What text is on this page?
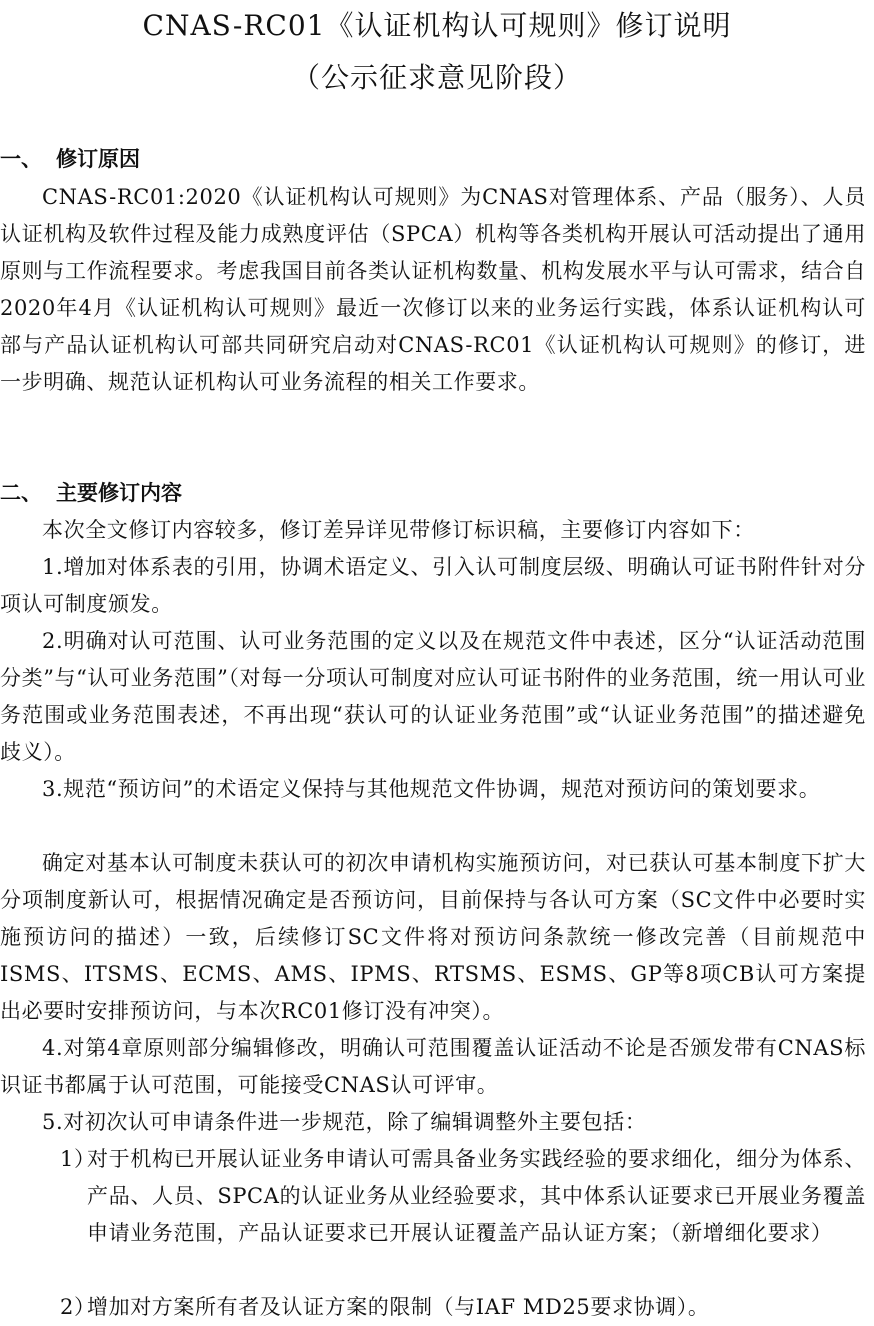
CNAS-RC01《认证机构认可规则》修订说明
（公示征求意见阶段）
一、 修订原因
CNAS-RC01:2020《认证机构认可规则》为CNAS对管理体系、产品（服务）、人员认证机构及软件过程及能力成熟度评估（SPCA）机构等各类机构开展认可活动提出了通用原则与工作流程要求。考虑我国目前各类认证机构数量、机构发展水平与认可需求，结合自2020年4月《认证机构认可规则》最近一次修订以来的业务运行实践，体系认证机构认可部与产品认证机构认可部共同研究启动对CNAS-RC01《认证机构认可规则》的修订，进一步明确、规范认证机构认可业务流程的相关工作要求。
二、 主要修订内容
本次全文修订内容较多，修订差异详见带修订标识稿，主要修订内容如下：
1.增加对体系表的引用，协调术语定义、引入认可制度层级、明确认可证书附件针对分项认可制度颁发。
2.明确对认可范围、认可业务范围的定义以及在规范文件中表述，区分“认证活动范围分类”与“认可业务范围”（对每一分项认可制度对应认可证书附件的业务范围，统一用认可业务范围或业务范围表述，不再出现“获认可的认证业务范围”或“认证业务范围”的描述避免歧义）。
3.规范“预访问”的术语定义保持与其他规范文件协调，规范对预访问的策划要求。
确定对基本认可制度未获认可的初次申请机构实施预访问，对已获认可基本制度下扩大分项制度新认可，根据情况确定是否预访问，目前保持与各认可方案（SC文件中必要时实施预访问的描述）一致，后续修订SC文件将对预访问条款统一修改完善（目前规范中ISMS、ITSMS、ECMS、AMS、IPMS、RTSMS、ESMS、GP等8项CB认可方案提出必要时安排预访问，与本次RC01修订没有冲突）。
4.对第4章原则部分编辑修改，明确认可范围覆盖认证活动不论是否颁发带有CNAS标识证书都属于认可范围，可能接受CNAS认可评审。
5.对初次认可申请条件进一步规范，除了编辑调整外主要包括：
1）对于机构已开展认证业务申请认可需具备业务实践经验的要求细化，细分为体系、产品、人员、SPCA的认证业务从业经验要求，其中体系认证要求已开展业务覆盖申请业务范围，产品认证要求已开展认证覆盖产品认证方案；（新增细化要求）
2）增加对方案所有者及认证方案的限制（与IAF MD25要求协调）。
